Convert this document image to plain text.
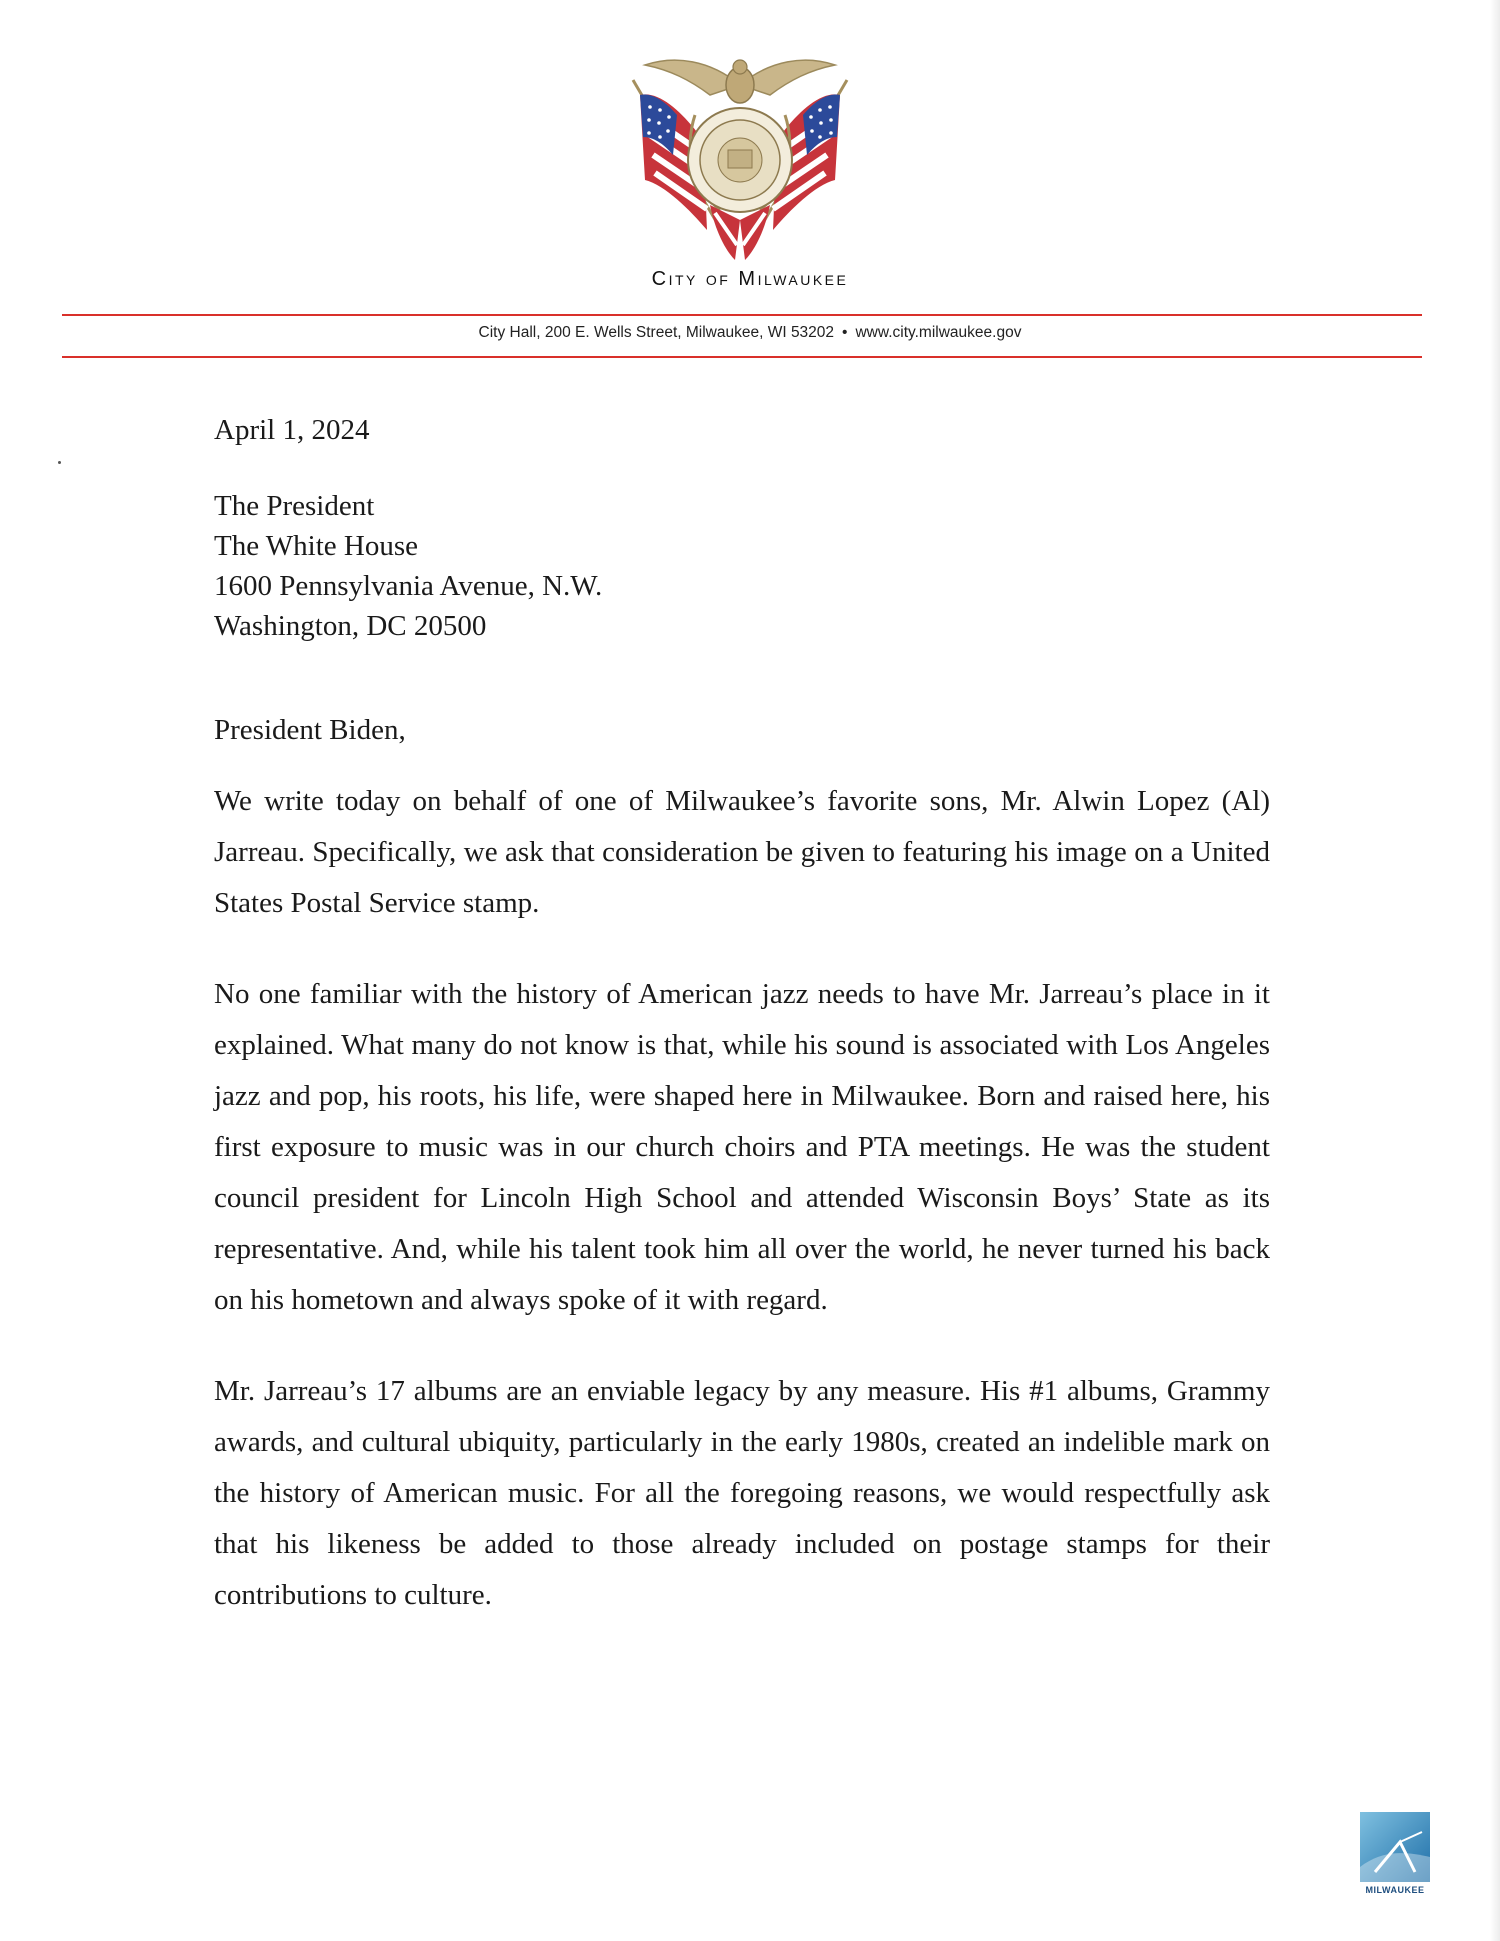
City of Milwaukee
City Hall, 200 E. Wells Street, Milwaukee, WI 53202 • www.city.milwaukee.gov
April 1, 2024
The President
The White House
1600 Pennsylvania Avenue, N.W.
Washington, DC 20500
President Biden,

We write today on behalf of one of Milwaukee’s favorite sons, Mr. Alwin Lopez (Al) Jarreau. Specifically, we ask that consideration be given to featuring his image on a United States Postal Service stamp.

No one familiar with the history of American jazz needs to have Mr. Jarreau’s place in it explained. What many do not know is that, while his sound is associated with Los Angeles jazz and pop, his roots, his life, were shaped here in Milwaukee. Born and raised here, his first exposure to music was in our church choirs and PTA meetings. He was the student council president for Lincoln High School and attended Wisconsin Boys’ State as its representative. And, while his talent took him all over the world, he never turned his back on his hometown and always spoke of it with regard.

Mr. Jarreau’s 17 albums are an enviable legacy by any measure. His #1 albums, Grammy awards, and cultural ubiquity, particularly in the early 1980s, created an indelible mark on the history of American music. For all the foregoing reasons, we would respectfully ask that his likeness be added to those already included on postage stamps for their contributions to culture.

MILWAUKEE
